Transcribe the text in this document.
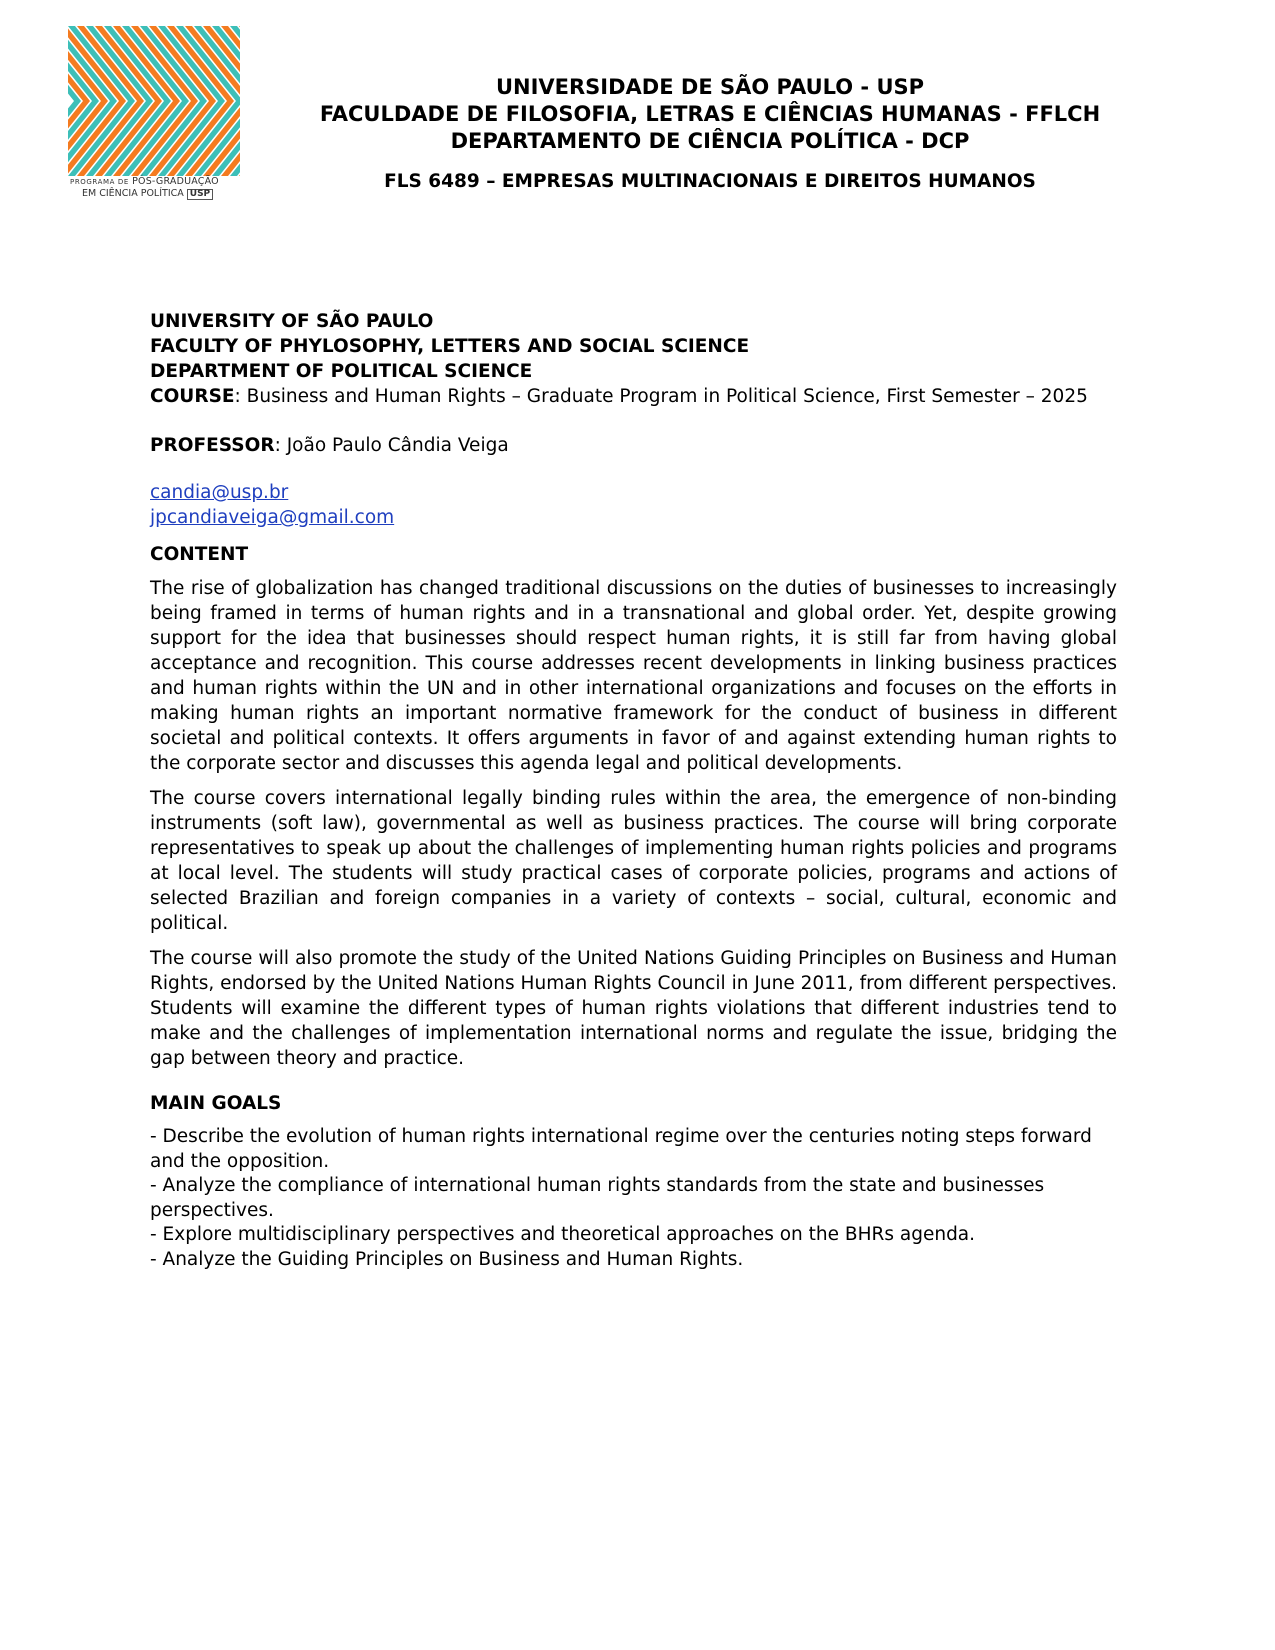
PROGRAMA DE PÓS-GRADUAÇÃO
EM CIÊNCIA POLÍTICA USP
UNIVERSIDADE DE SÃO PAULO - USP
FACULDADE DE FILOSOFIA, LETRAS E CIÊNCIAS HUMANAS - FFLCH
DEPARTAMENTO DE CIÊNCIA POLÍTICA - DCP
FLS 6489 – EMPRESAS MULTINACIONAIS E DIREITOS HUMANOS
UNIVERSITY OF SÃO PAULO
FACULTY OF PHYLOSOPHY, LETTERS AND SOCIAL SCIENCE
DEPARTMENT OF POLITICAL SCIENCE

COURSE: Business and Human Rights – Graduate Program in Political Science, First Semester – 2025

PROFESSOR: João Paulo Cândia Veiga
candia@usp.br
jpcandiaveiga@gmail.com
CONTENT

The rise of globalization has changed traditional discussions on the duties of businesses to increasingly being framed in terms of human rights and in a transnational and global order. Yet, despite growing support for the idea that businesses should respect human rights, it is still far from having global acceptance and recognition. This course addresses recent developments in linking business practices and human rights within the UN and in other international organizations and focuses on the efforts in making human rights an important normative framework for the conduct of business in different societal and political contexts. It offers arguments in favor of and against extending human rights to the corporate sector and discusses this agenda legal and political developments.

The course covers international legally binding rules within the area, the emergence of non-binding instruments (soft law), governmental as well as business practices. The course will bring corporate representatives to speak up about the challenges of implementing human rights policies and programs at local level. The students will study practical cases of corporate policies, programs and actions of selected Brazilian and foreign companies in a variety of contexts – social, cultural, economic and political.

The course will also promote the study of the United Nations Guiding Principles on Business and Human Rights, endorsed by the United Nations Human Rights Council in June 2011, from different perspectives. Students will examine the different types of human rights violations that different industries tend to make and the challenges of implementation international norms and regulate the issue, bridging the gap between theory and practice.

MAIN GOALS
- Describe the evolution of human rights international regime over the centuries noting steps forward and the opposition.
- Analyze the compliance of international human rights standards from the state and businesses perspectives.
- Explore multidisciplinary perspectives and theoretical approaches on the BHRs agenda.
- Analyze the Guiding Principles on Business and Human Rights.
